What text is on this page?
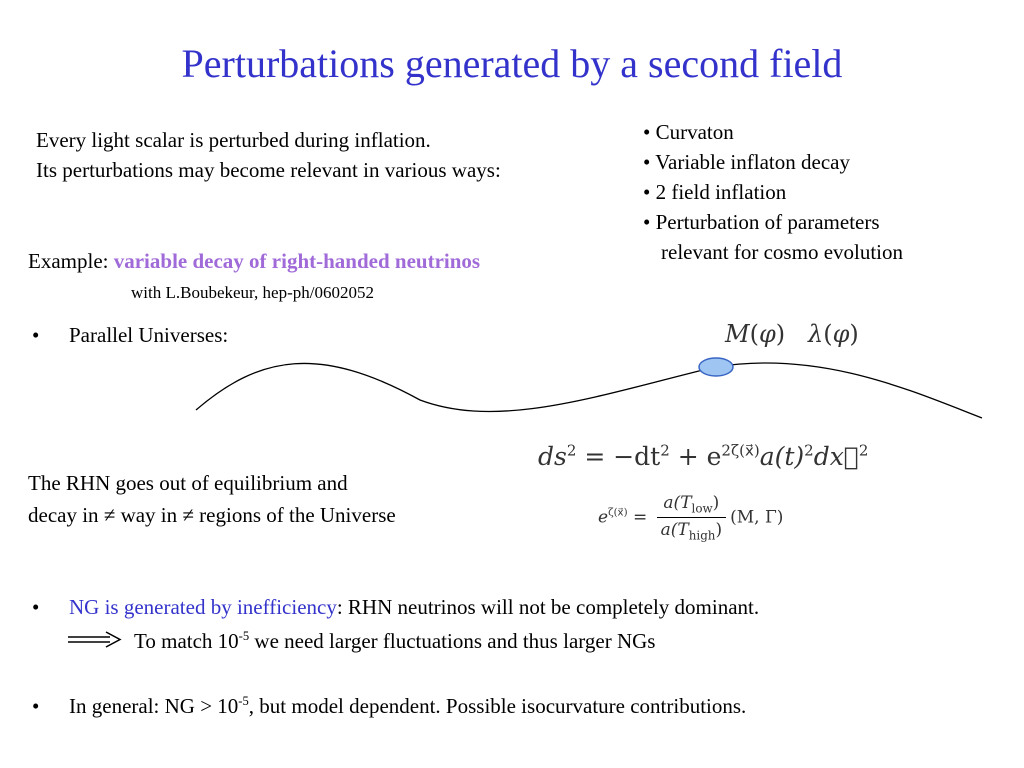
Perturbations generated by a second field
Every light scalar is perturbed during inflation.
Its perturbations may become relevant in various ways:
• Curvaton
• Variable inflaton decay
• 2 field inflation
• Perturbation of parameters
relevant for cosmo evolution
Example: variable decay of right-handed neutrinos
with L.Boubekeur, hep-ph/0602052
• Parallel Universes:	M(φ)   λ(φ)
$ds^2 = -dt^2$ + $e^{2\zeta(x⃗)}a(t)^2dx⃗^2$
$e^{\zeta(x⃗)} = \frac{a(T_{low})}{a(T_{high})} (M$, Γ)
The RHN goes out of equilibrium and
decay in ≠ way in ≠ regions of the Universe
• NG is generated by inefficiency: RHN neutrinos will not be completely dominant.
To match $10^{-5}$ we need larger fluctuations and thus larger NGs
• In general: NG > $10^{-5}$, but model dependent. Possible isocurvature contributions.
